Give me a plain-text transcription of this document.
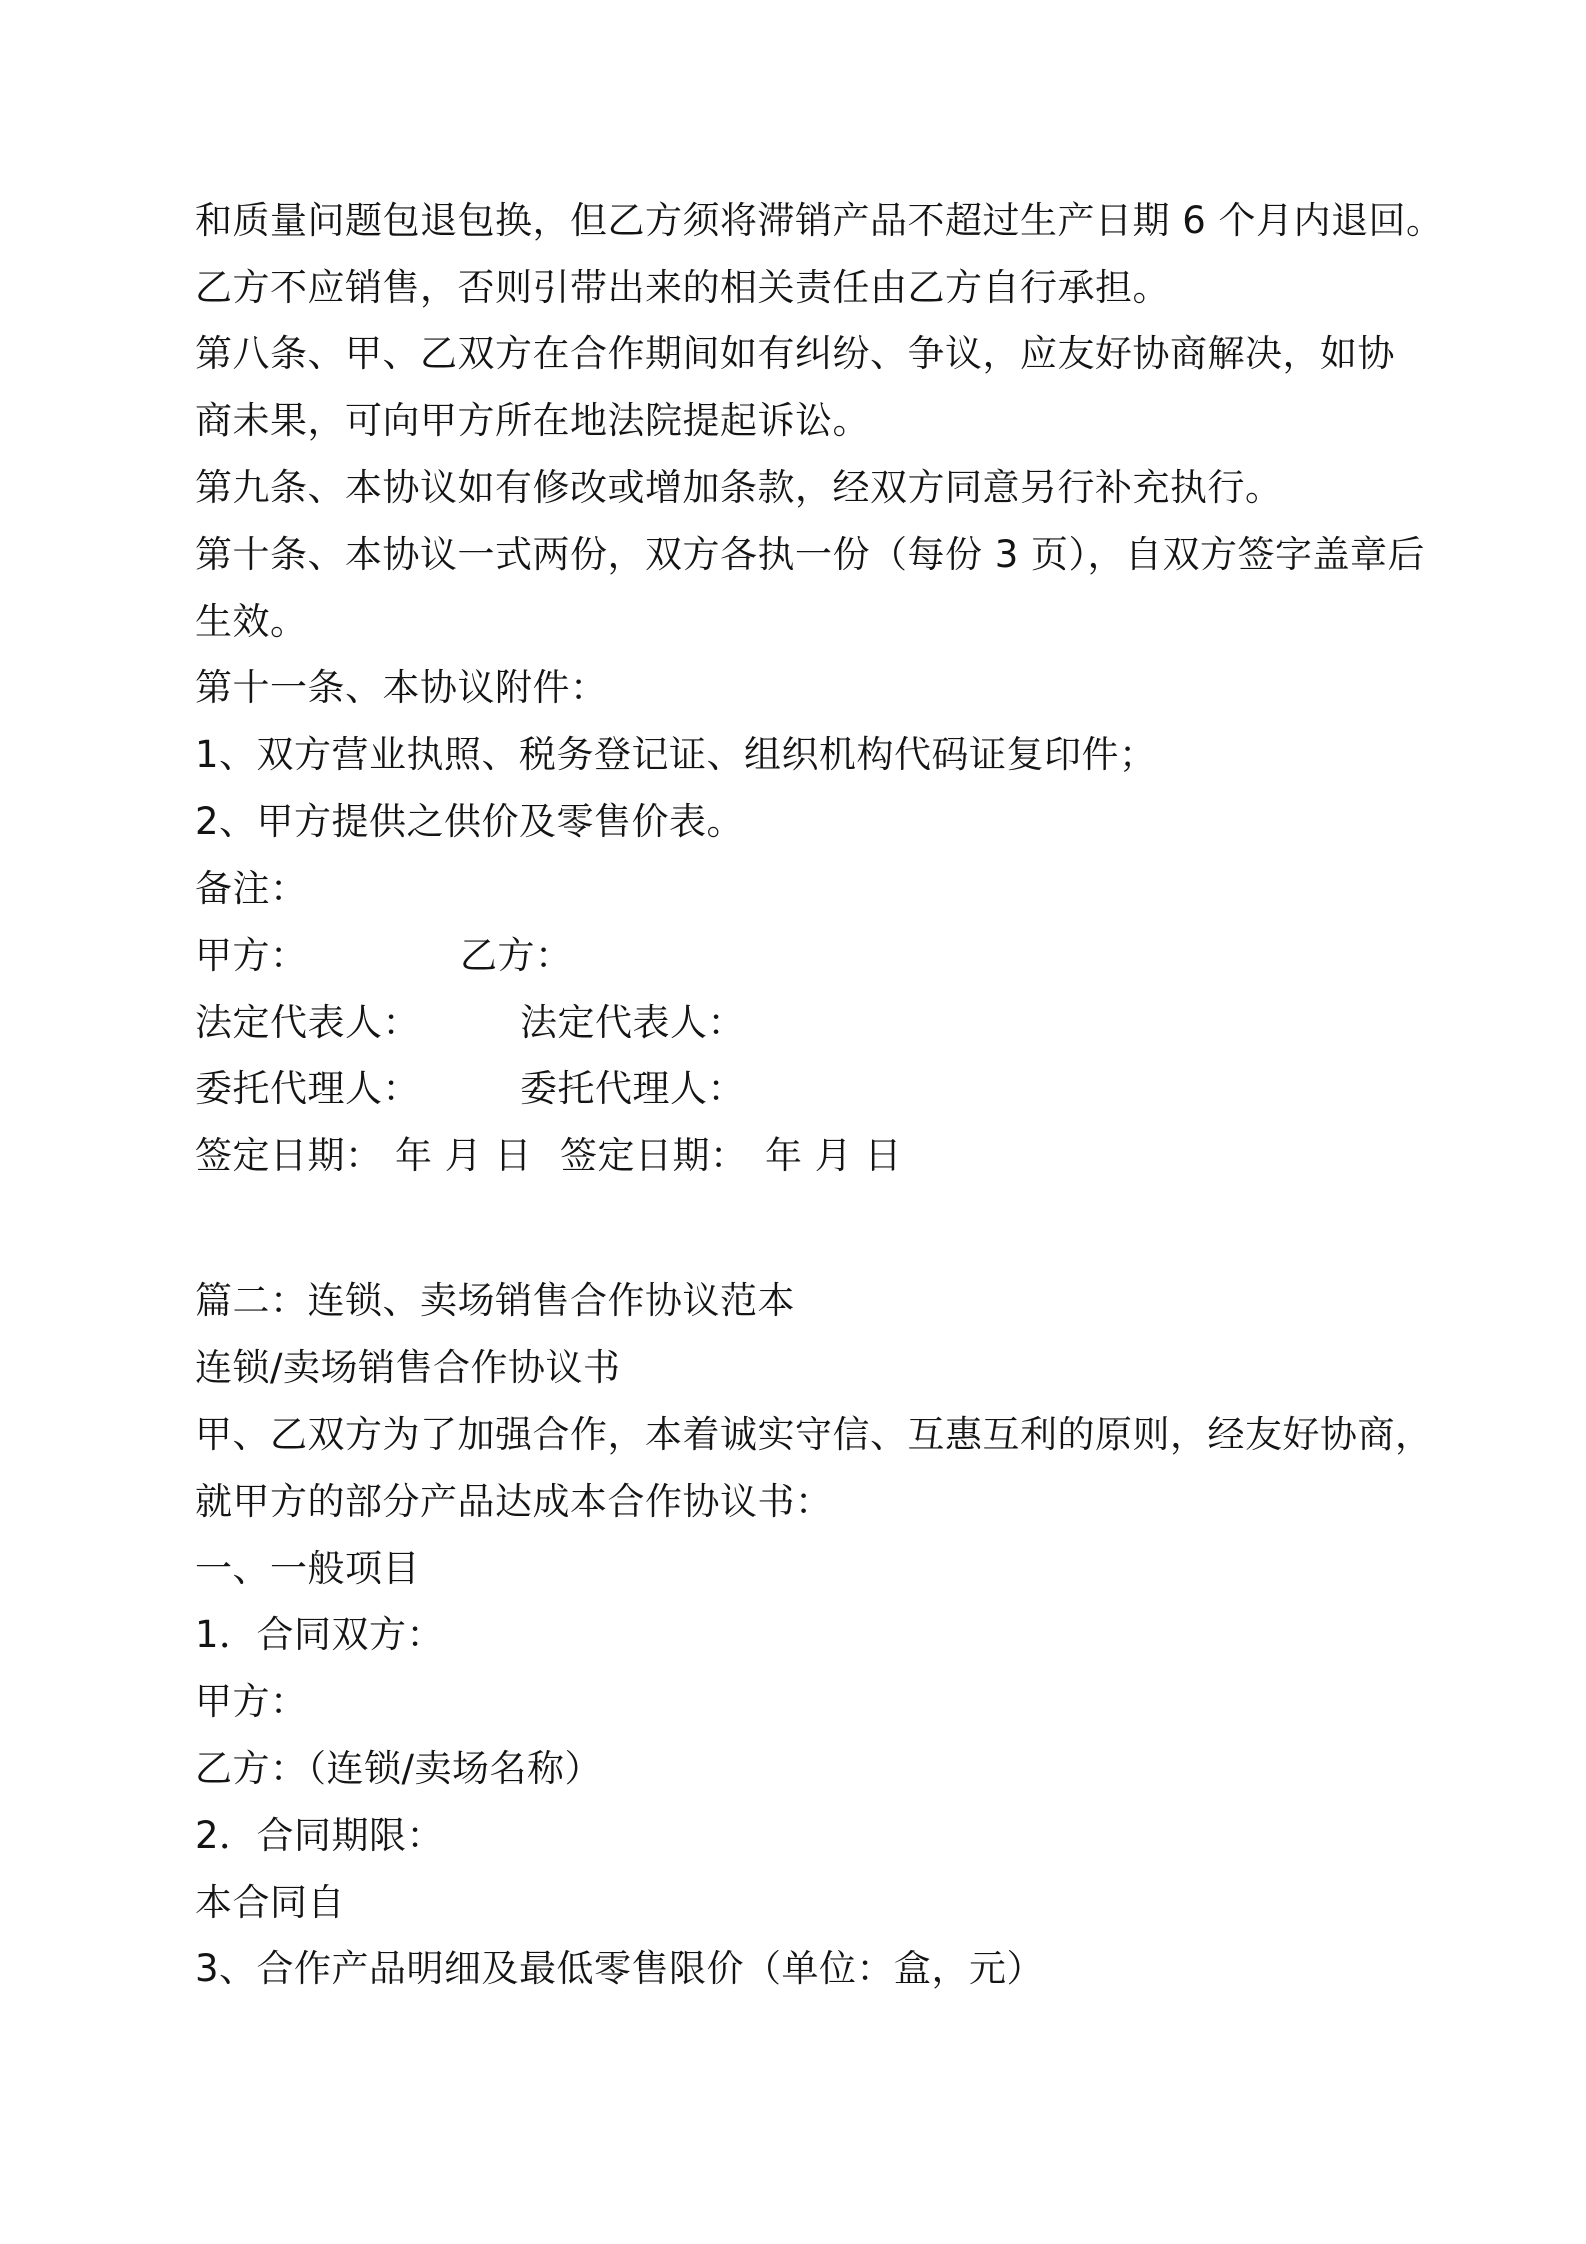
和质量问题包退包换，但乙方须将滞销产品不超过生产日期 6 个月内退回。
乙方不应销售，否则引带出来的相关责任由乙方自行承担。
第八条、甲、乙双方在合作期间如有纠纷、争议，应友好协商解决，如协
商未果，可向甲方所在地法院提起诉讼。
第九条、本协议如有修改或增加条款，经双方同意另行补充执行。
第十条、本协议一式两份，双方各执一份（每份 3 页），自双方签字盖章后
生效。
第十一条、本协议附件：
1、双方营业执照、税务登记证、组织机构代码证复印件；
2、甲方提供之供价及零售价表。
备注：
甲方：	乙方：
法定代表人：	法定代表人：
委托代理人：	委托代理人：
签定日期： 年 月 日 签定日期： 年 月 日
篇二：连锁、卖场销售合作协议范本
连锁/卖场销售合作协议书
甲、乙双方为了加强合作，本着诚实守信、互惠互利的原则，经友好协商，
就甲方的部分产品达成本合作协议书：
一、一般项目
1．合同双方：
甲方：
乙方：（连锁/卖场名称）
2．合同期限：
本合同自
3、合作产品明细及最低零售限价（单位：盒，元）
